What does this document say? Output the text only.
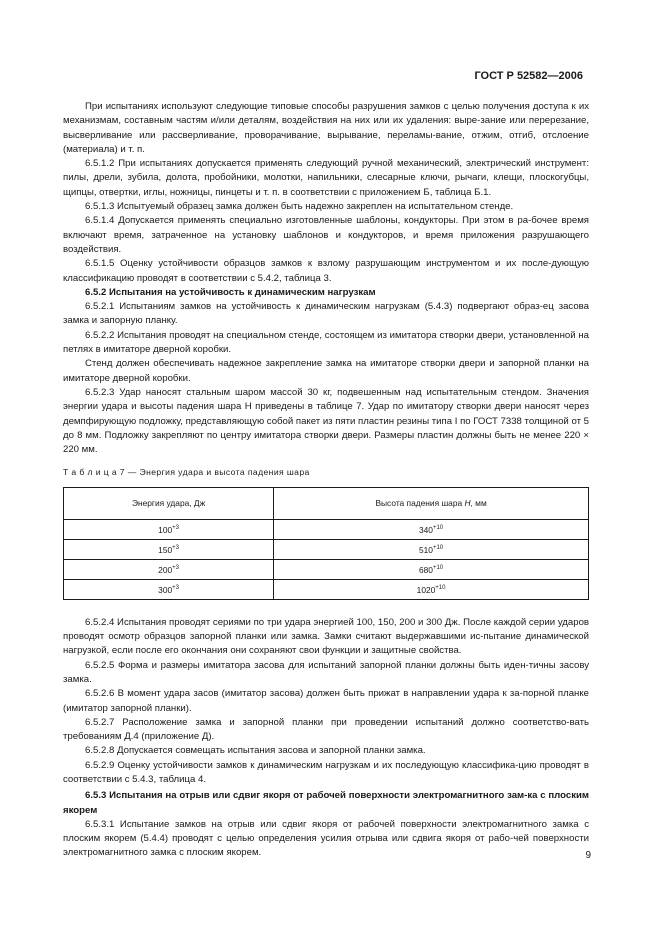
ГОСТ Р 52582—2006

При испытаниях используют следующие типовые способы разрушения замков с целью получения доступа к их механизмам, составным частям и/или деталям, воздействия на них или их удаления: выре-зание или перерезание, высверливание или рассверливание, проворачивание, вырывание, переламы-вание, отжим, отгиб, отслоение (материала) и т. п.

6.5.1.2 При испытаниях допускается применять следующий ручной механический, электрический инструмент: пилы, дрели, зубила, долота, пробойники, молотки, напильники, слесарные ключи, рычаги, клещи, плоскогубцы, щипцы, отвертки, иглы, ножницы, пинцеты и т. п. в соответствии с приложением Б, таблица Б.1.

6.5.1.3 Испытуемый образец замка должен быть надежно закреплен на испытательном стенде.

6.5.1.4 Допускается применять специально изготовленные шаблоны, кондукторы. При этом в ра-бочее время включают время, затраченное на установку шаблонов и кондукторов, и время приложения разрушающего воздействия.

6.5.1.5 Оценку устойчивости образцов замков к взлому разрушающим инструментом и их после-дующую классификацию проводят в соответствии с 5.4.2, таблица 3.

6.5.2 Испытания на устойчивость к динамическим нагрузкам

6.5.2.1 Испытаниям замков на устойчивость к динамическим нагрузкам (5.4.3) подвергают образ-ец засова замка и запорную планку.

6.5.2.2 Испытания проводят на специальном стенде, состоящем из имитатора створки двери, установленной на петлях в имитаторе дверной коробки.

Стенд должен обеспечивать надежное закрепление замка на имитаторе створки двери и запорной планки на имитаторе дверной коробки.

6.5.2.3 Удар наносят стальным шаром массой 30 кг, подвешенным над испытательным стендом. Значения энергии удара и высоты падения шара H приведены в таблице 7. Удар по имитатору створки двери наносят через демпфирующую подложку, представляющую собой пакет из пяти пластин резины типа I по ГОСТ 7338 толщиной от 5 до 8 мм. Подложку закрепляют по центру имитатора створки двери. Размеры пластин должны быть не менее 220 × 220 мм.

Т а б л и ц а 7 — Энергия удара и высота падения шара

Энергия удара, Дж	Высота падения шара H, мм
$100^{+3}$	$340^{+10}$
$150^{+3}$	$510^{+10}$
$200^{+3}$	$680^{+10}$
$300^{+3}$	$1020^{+10}$

6.5.2.4 Испытания проводят сериями по три удара энергией 100, 150, 200 и 300 Дж. После каждой серии ударов проводят осмотр образцов запорной планки или замка. Замки считают выдержавшими ис-пытание динамической нагрузкой, если после его окончания они сохраняют свои функции и защитные свойства.

6.5.2.5 Форма и размеры имитатора засова для испытаний запорной планки должны быть иден-тичны засову замка.

6.5.2.6 В момент удара засов (имитатор засова) должен быть прижат в направлении удара к за-порной планке (имитатор запорной планки).

6.5.2.7 Расположение замка и запорной планки при проведении испытаний должно соответство-вать требованиям Д.4 (приложение Д).

6.5.2.8 Допускается совмещать испытания засова и запорной планки замка.

6.5.2.9 Оценку устойчивости замков к динамическим нагрузкам и их последующую классифика-цию проводят в соответствии с 5.4.3, таблица 4.

6.5.3 Испытания на отрыв или сдвиг якоря от рабочей поверхности электромагнитного зам-ка с плоским якорем

6.5.3.1 Испытание замков на отрыв или сдвиг якоря от рабочей поверхности электромагнитного замка с плоским якорем (5.4.4) проводят с целью определения усилия отрыва или сдвига якоря от рабо-чей поверхности электромагнитного замка с плоским якорем.	9
